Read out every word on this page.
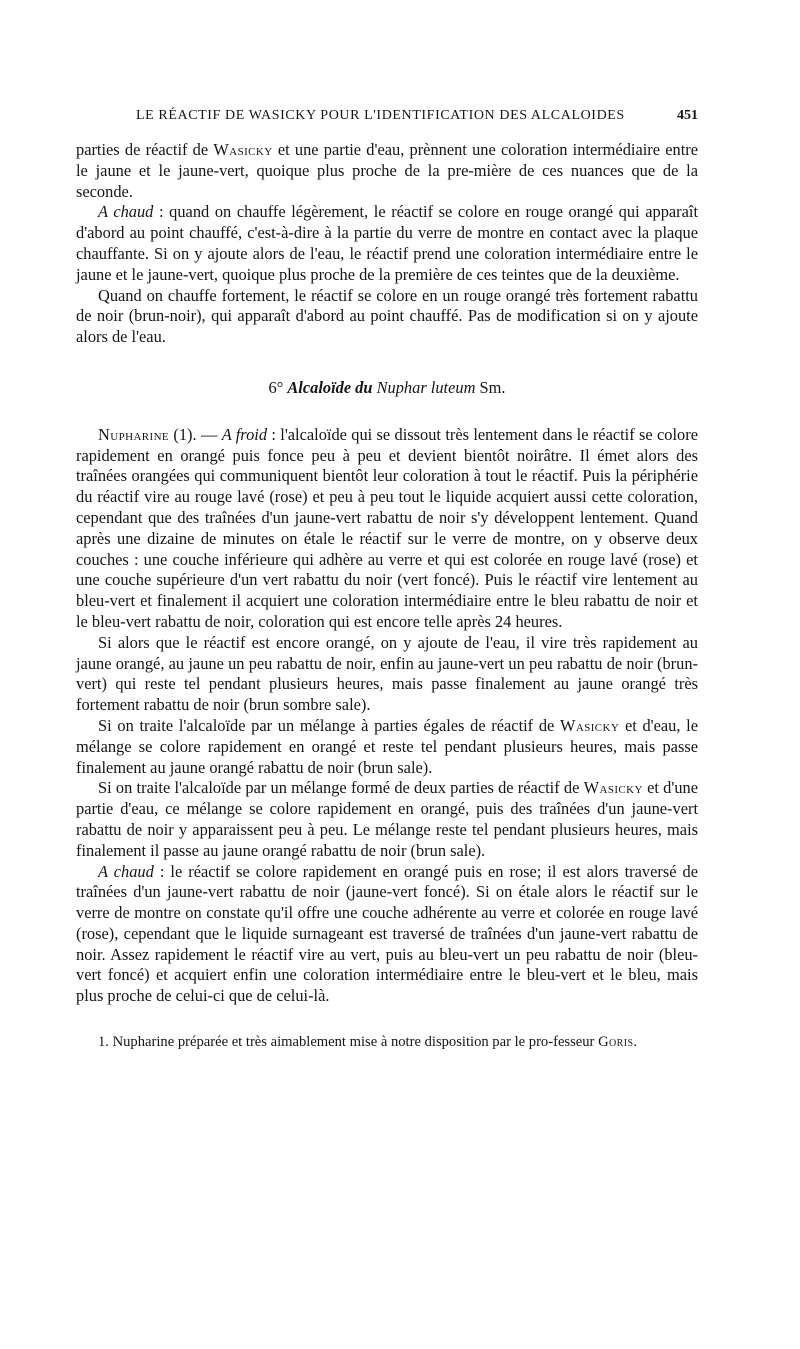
LE RÉACTIF DE WASICKY POUR L'IDENTIFICATION DES ALCALOIDES	451

parties de réactif de Wasicky et une partie d'eau, prènnent une coloration intermédiaire entre le jaune et le jaune-vert, quoique plus proche de la pre-mière de ces nuances que de la seconde.

A chaud : quand on chauffe légèrement, le réactif se colore en rouge orangé qui apparaît d'abord au point chauffé, c'est-à-dire à la partie du verre de montre en contact avec la plaque chauffante. Si on y ajoute alors de l'eau, le réactif prend une coloration intermédiaire entre le jaune et le jaune-vert, quoique plus proche de la première de ces teintes que de la deuxième.

Quand on chauffe fortement, le réactif se colore en un rouge orangé très fortement rabattu de noir (brun-noir), qui apparaît d'abord au point chauffé. Pas de modification si on y ajoute alors de l'eau.

6° Alcaloïde du Nuphar luteum Sm.

Nupharine (1). — A froid : l'alcaloïde qui se dissout très lentement dans le réactif se colore rapidement en orangé puis fonce peu à peu et devient bientôt noirâtre. Il émet alors des traînées orangées qui communiquent bientôt leur coloration à tout le réactif. Puis la périphérie du réactif vire au rouge lavé (rose) et peu à peu tout le liquide acquiert aussi cette coloration, cependant que des traînées d'un jaune-vert rabattu de noir s'y développent lentement. Quand après une dizaine de minutes on étale le réactif sur le verre de montre, on y observe deux couches : une couche inférieure qui adhère au verre et qui est colorée en rouge lavé (rose) et une couche supérieure d'un vert rabattu du noir (vert foncé). Puis le réactif vire lentement au bleu-vert et finalement il acquiert une coloration intermédiaire entre le bleu rabattu de noir et le bleu-vert rabattu de noir, coloration qui est encore telle après 24 heures.

Si alors que le réactif est encore orangé, on y ajoute de l'eau, il vire très rapidement au jaune orangé, au jaune un peu rabattu de noir, enfin au jaune-vert un peu rabattu de noir (brun-vert) qui reste tel pendant plusieurs heures, mais passe finalement au jaune orangé très fortement rabattu de noir (brun sombre sale).

Si on traite l'alcaloïde par un mélange à parties égales de réactif de Wasicky et d'eau, le mélange se colore rapidement en orangé et reste tel pendant plusieurs heures, mais passe finalement au jaune orangé rabattu de noir (brun sale).

Si on traite l'alcaloïde par un mélange formé de deux parties de réactif de Wasicky et d'une partie d'eau, ce mélange se colore rapidement en orangé, puis des traînées d'un jaune-vert rabattu de noir y apparaissent peu à peu. Le mélange reste tel pendant plusieurs heures, mais finalement il passe au jaune orangé rabattu de noir (brun sale).

A chaud : le réactif se colore rapidement en orangé puis en rose; il est alors traversé de traînées d'un jaune-vert rabattu de noir (jaune-vert foncé). Si on étale alors le réactif sur le verre de montre on constate qu'il offre une couche adhérente au verre et colorée en rouge lavé (rose), cependant que le liquide surnageant est traversé de traînées d'un jaune-vert rabattu de noir. Assez rapidement le réactif vire au vert, puis au bleu-vert un peu rabattu de noir (bleu-vert foncé) et acquiert enfin une coloration intermédiaire entre le bleu-vert et le bleu, mais plus proche de celui-ci que de celui-là.

1. Nupharine préparée et très aimablement mise à notre disposition par le pro-fesseur Goris.
